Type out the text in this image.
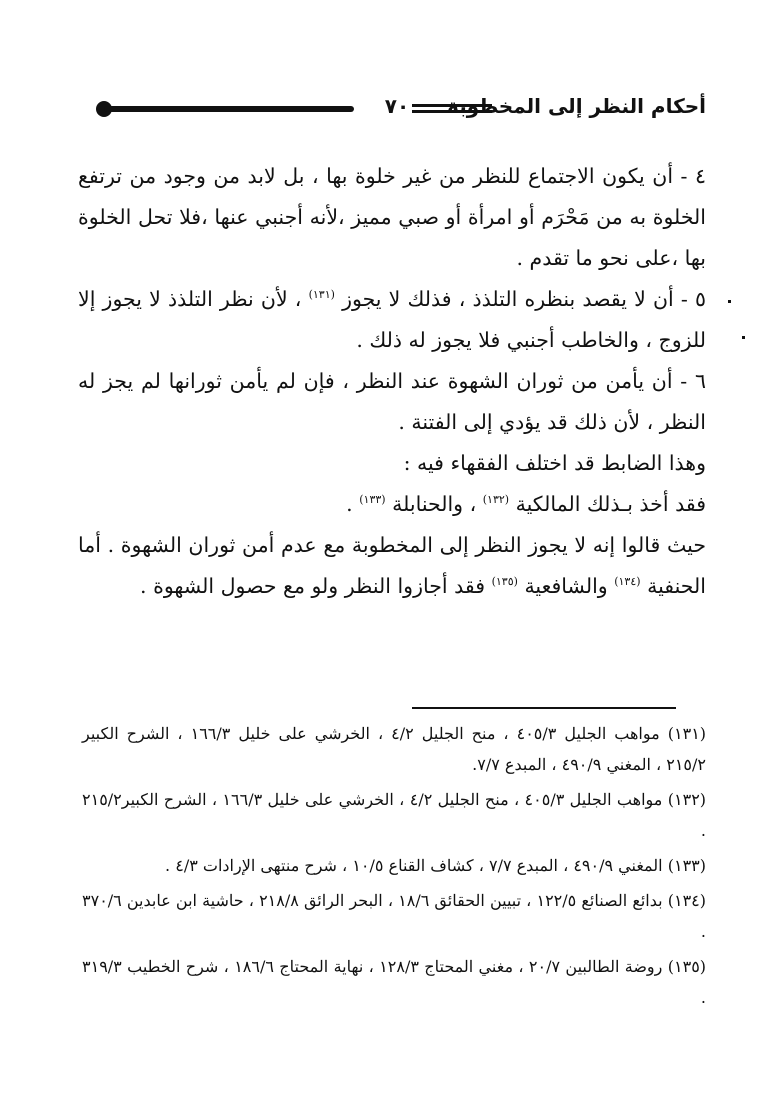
٧٠	أحكام النظر إلى المخطوبة

٤ - أن يكون الاجتماع للنظر من غير خلوة بها ، بل لابد من وجود من ترتفع الخلوة به من مَحْرَم أو امرأة أو صبي مميز ،لأنه أجنبي عنها ،فلا تحل الخلوة بها ،على نحو ما تقدم .

٥ - أن لا يقصد بنظره التلذذ ، فذلك لا يجوز $^{(١٣١)}$ ، لأن نظر التلذذ لا يجوز إلا للزوج ، والخاطب أجنبي فلا يجوز له ذلك .

٦ - أن يأمن من ثوران الشهوة عند النظر ، فإن لم يأمن ثورانها لم يجز له النظر ، لأن ذلك قد يؤدي إلى الفتنة .

وهذا الضابط قد اختلف الفقهاء فيه :

فقد أخذ بـذلك المالكية $^{(١٣٢)}$ ، والحنابلة $^{(١٣٣)}$ .

حيث قالوا إنه لا يجوز النظر إلى المخطوبة مع عدم أمن ثوران الشهوة . أما الحنفية $^{(١٣٤)}$ والشافعية $^{(١٣٥)}$ فقد أجازوا النظر ولو مع حصول الشهوة .

(١٣١) مواهب الجليل ٤٠٥/٣ ، منح الجليل ٤/٢ ، الخرشي على خليل ١٦٦/٣ ، الشرح الكبير ٢١٥/٢ ، المغني ٤٩٠/٩ ، المبدع ٧/٧.

(١٣٢) مواهب الجليل ٤٠٥/٣ ، منح الجليل ٤/٢ ، الخرشي على خليل ١٦٦/٣ ، الشرح الكبير٢١٥/٢ .

(١٣٣) المغني ٤٩٠/٩ ، المبدع ٧/٧ ، كشاف القناع ١٠/٥ ، شرح منتهى الإرادات ٤/٣ .

(١٣٤) بدائع الصنائع ١٢٢/٥ ، تبيين الحقائق ١٨/٦ ، البحر الرائق ٢١٨/٨ ، حاشية ابن عابدين ٣٧٠/٦ .

(١٣٥) روضة الطالبين ٢٠/٧ ، مغني المحتاج ١٢٨/٣ ، نهاية المحتاج ١٨٦/٦ ، شرح الخطيب ٣١٩/٣ .
